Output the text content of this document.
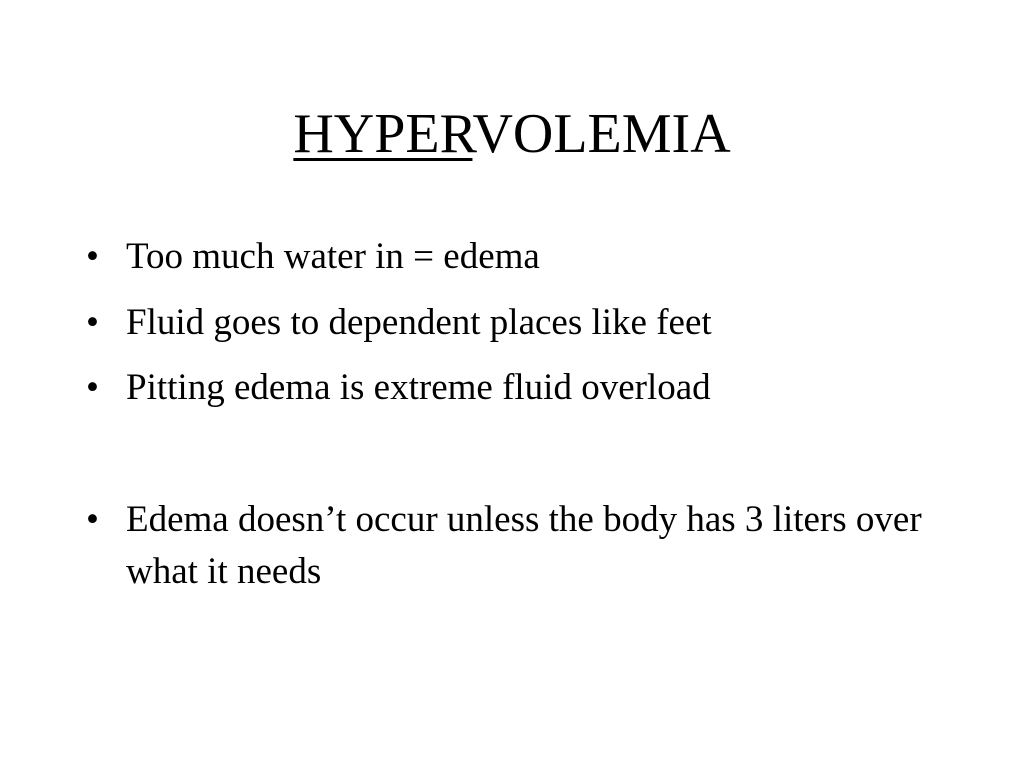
HYPERVOLEMIA
• Too much water in = edema
• Fluid goes to dependent places like feet
• Pitting edema is extreme fluid overload
• Edema doesn’t occur unless the body has 3 liters over what it needs
